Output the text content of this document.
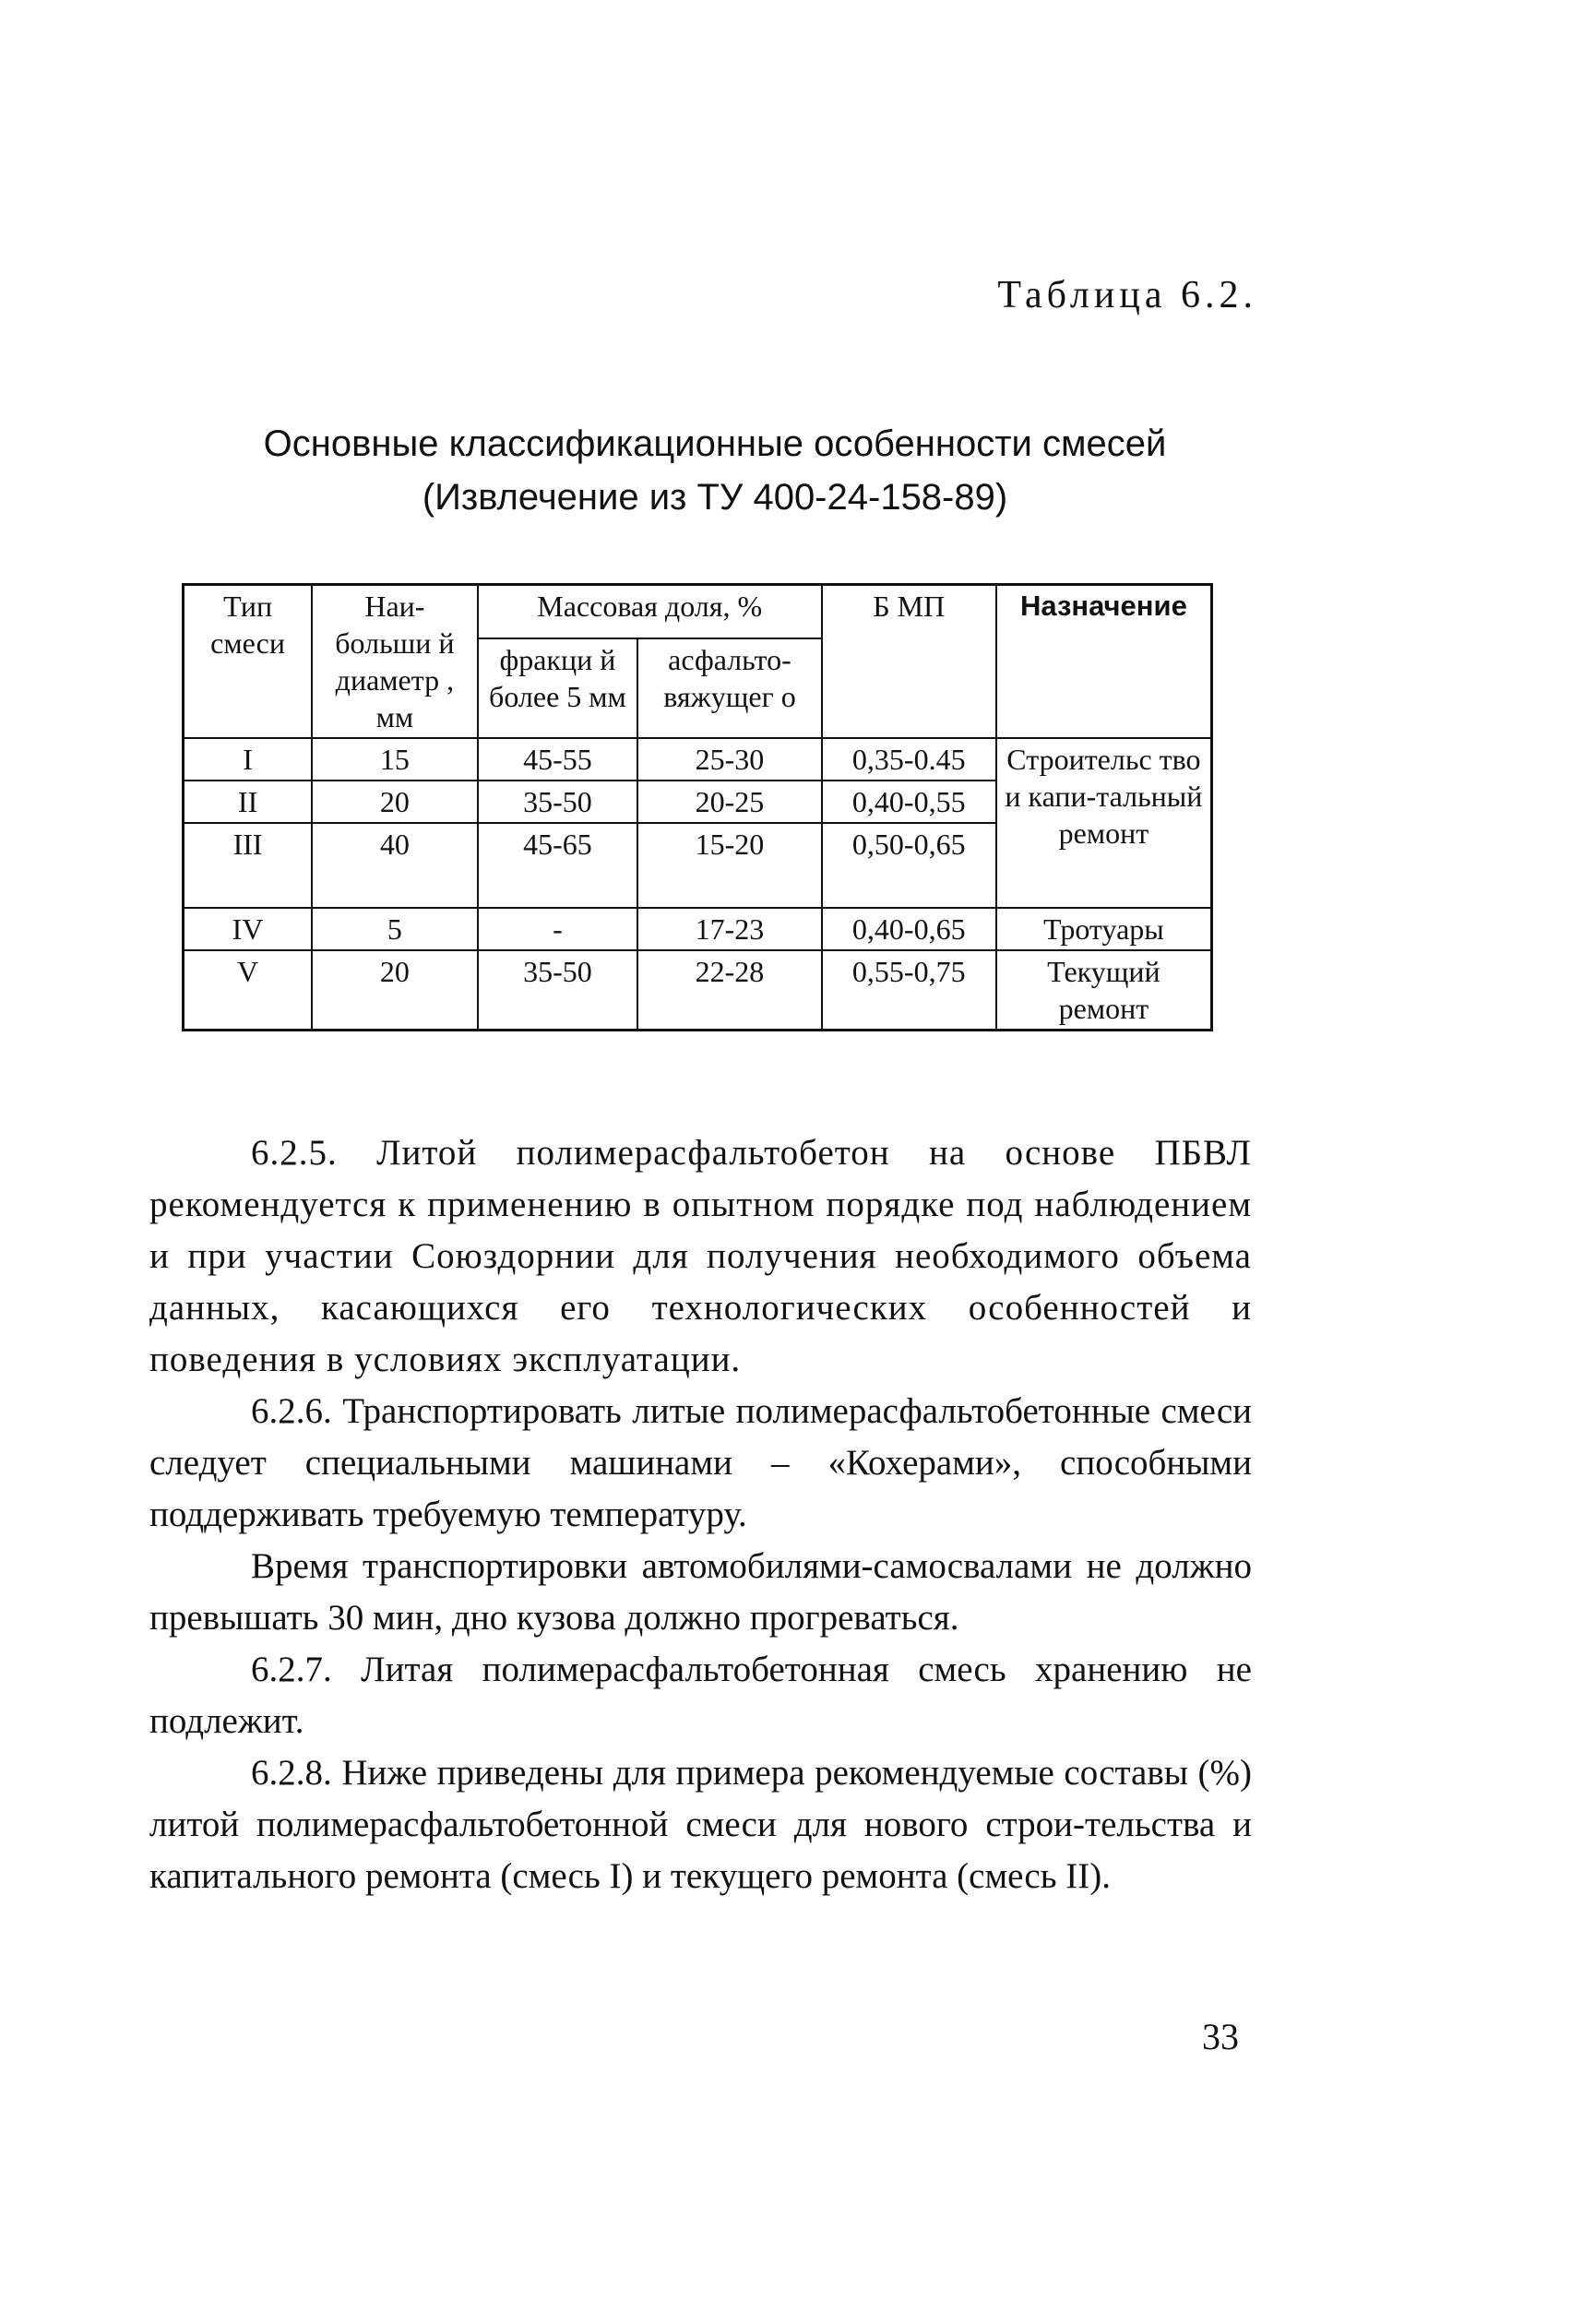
Таблица 6.2.
Основные классификационные особенности смесей
(Извлечение из ТУ 400-24-158-89)
Тип смеси	Наи-больши й диаметр , мм	Массовая доля, %		Б МП	Назначение
		фракци й более 5 мм	асфальто-вяжущег о		
I	15	45-55	25-30	0,35-0.45	Строительс тво и капи-тальный ремонт
II	20	35-50	20-25	0,40-0,55	
III	40	45-65	15-20	0,50-0,65	
IV	5	-	17-23	0,40-0,65	Тротуары
V	20	35-50	22-28	0,55-0,75	Текущий ремонт

6.2.5. Литой полимерасфальтобетон на основе ПБВЛ рекомендуется к применению в опытном порядке под наблюдением и при участии Союздорнии для получения необходимого объема данных, касающихся его технологических особенностей и поведения в условиях эксплуатации.

6.2.6. Транспортировать литые полимерасфальтобетонные смеси следует специальными машинами – «Кохерами», способными поддерживать требуемую температуру.

Время транспортировки автомобилями-самосвалами не должно превышать 30 мин, дно кузова должно прогреваться.

6.2.7. Литая полимерасфальтобетонная смесь хранению не подлежит.

6.2.8. Ниже приведены для примера рекомендуемые составы (%) литой полимерасфальтобетонной смеси для нового строи-тельства и капитального ремонта (смесь I) и текущего ремонта (смесь II).

33
